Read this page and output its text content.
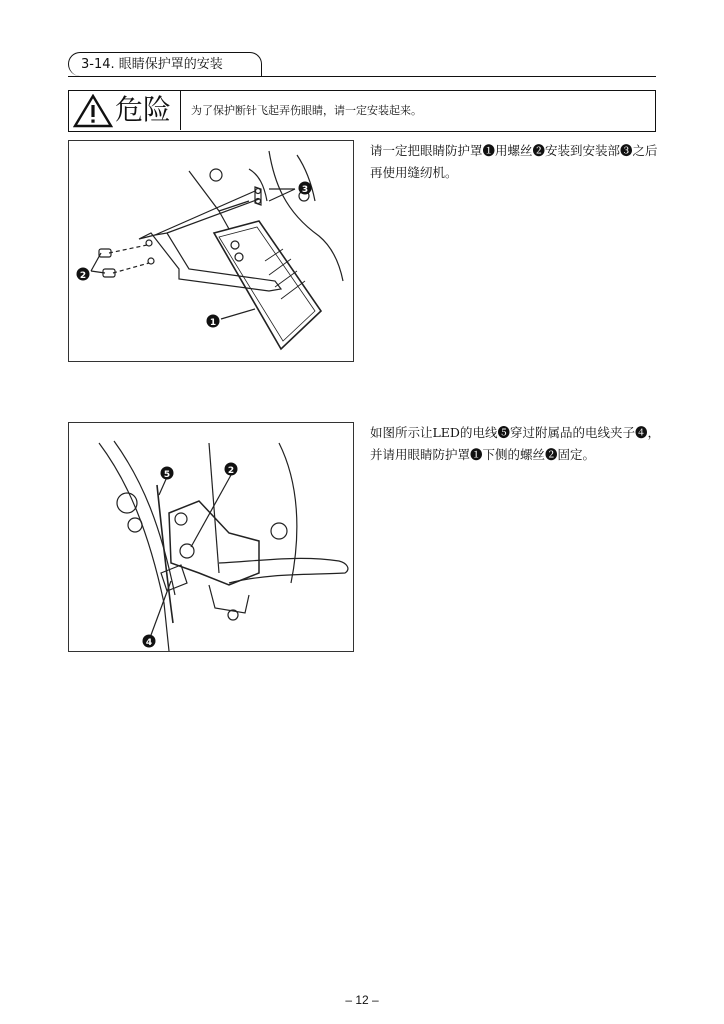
3-14. 眼睛保护罩的安装
危险 为了保护断针飞起弄伤眼睛，请一定安装起来。
3
2
1
请一定把眼睛防护罩❶用螺丝❷安装到安装部❸之后再使用缝纫机。
5	2
4
如图所示让LED的电线❺穿过附属品的电线夹子❹，并请用眼睛防护罩❶下侧的螺丝❷固定。
– 12 –
